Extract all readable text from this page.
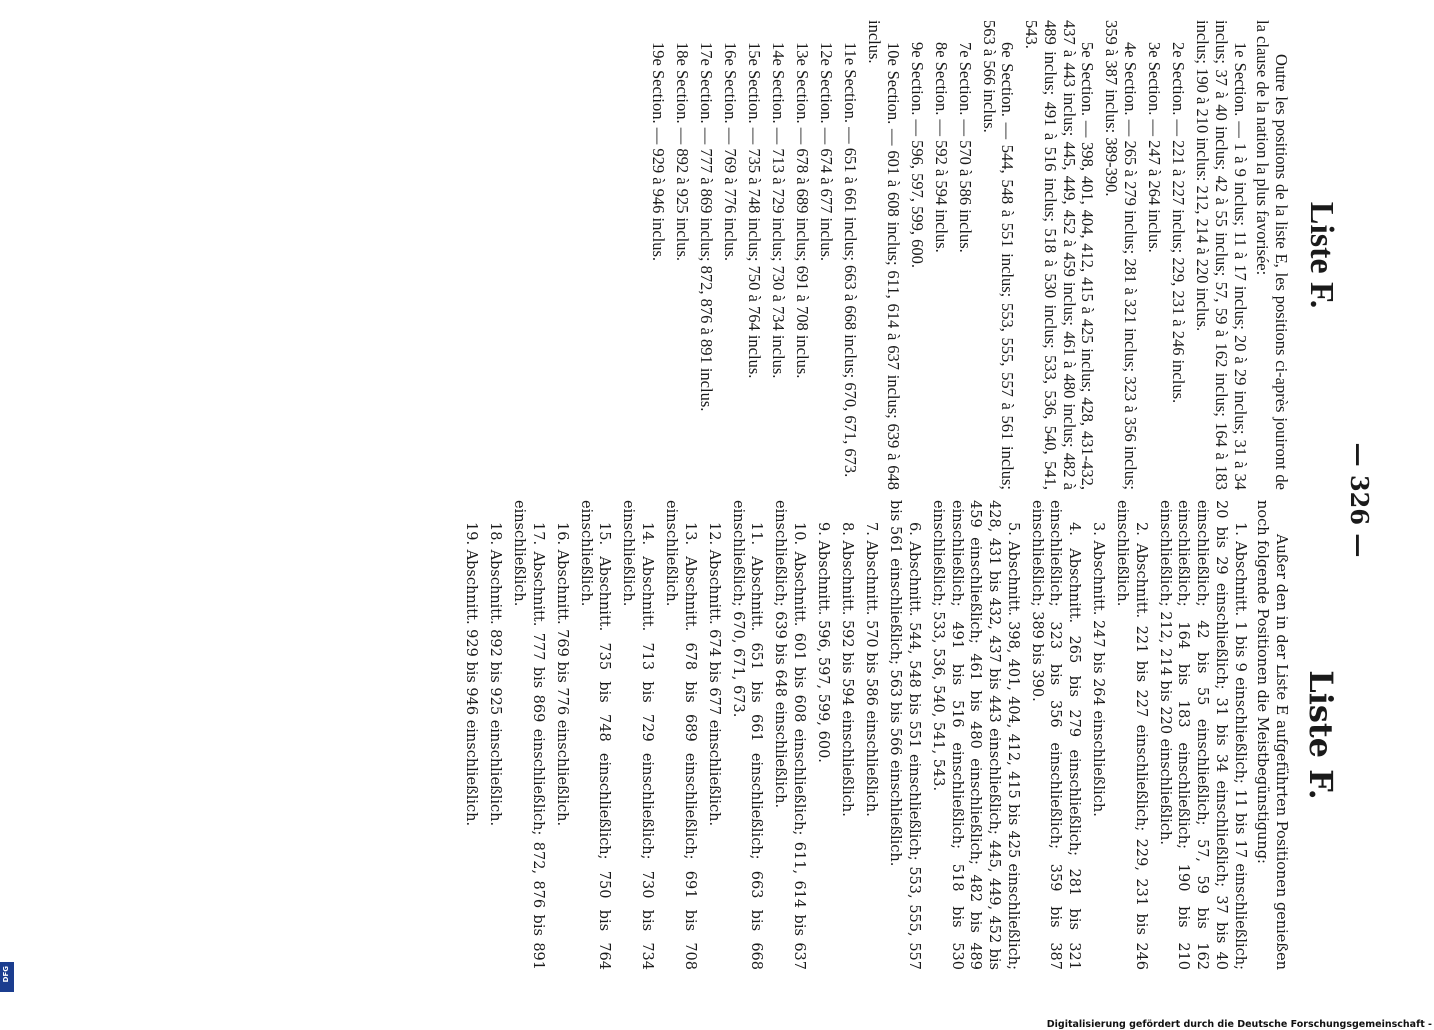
— 326 —
Liste F.

Outre les positions de la liste E, les positions ci-après jouiront de la clause de la nation la plus favorisée:

1e Section. — 1 à 9 inclus; 11 à 17 inclus; 20 à 29 inclus; 31 à 34 inclus; 37 à 40 inclus; 42 à 55 inclus; 57, 59 à 162 inclus; 164 à 183 inclus; 190 à 210 inclus: 212, 214 à 220 inclus.

2e Section. — 221 à 227 inclus; 229, 231 à 246 inclus.

3e Section. — 247 à 264 inclus.

4e Section. — 265 à 279 inclus; 281 à 321 inclus; 323 à 356 inclus; 359 à 387 inclus: 389-390.

5e Section. — 398, 401, 404, 412, 415 à 425 inclus; 428, 431-432, 437 à 443 inclus; 445, 449, 452 à 459 inclus; 461 à 480 inclus; 482 à 489 inclus; 491 à 516 inclus; 518 à 530 inclus; 533, 536, 540, 541, 543.

6e Section. — 544, 548 à 551 inclus; 553, 555, 557 à 561 inclus; 563 à 566 inclus.

7e Section. — 570 à 586 inclus.

8e Section. — 592 à 594 inclus.

9e Section. — 596, 597, 599, 600.

10e Section. — 601 à 608 inclus; 611, 614 à 637 inclus; 639 à 648 inclus.

11e Section. — 651 à 661 inclus; 663 à 668 inclus; 670, 671, 673.

12e Section. — 674 à 677 inclus.

13e Section. — 678 à 689 inclus; 691 à 708 inclus.

14e Section. — 713 à 729 inclus; 730 à 734 inclus.

15e Section. — 735 à 748 inclus; 750 à 764 inclus.

16e Section. — 769 à 776 inclus.

17e Section. — 777 à 869 inclus; 872, 876 à 891 inclus.

18e Section. — 892 à 925 inclus.

19e Section. — 929 à 946 inclus.

Liste F.

Außer den in der Liste E aufgeführten Positionen genießen noch folgende Positionen die Meistbegünstigung:

1. Abschnitt. 1 bis 9 einschließlich; 11 bis 17 einschließlich; 20 bis 29 einschließlich; 31 bis 34 einschließlich; 37 bis 40 einschließlich; 42 bis 55 einschließlich; 57, 59 bis 162 einschließlich; 164 bis 183 einschließlich; 190 bis 210 einschließlich; 212, 214 bis 220 einschließlich.

2. Abschnitt. 221 bis 227 einschließlich; 229, 231 bis 246 einschließlich.

3. Abschnitt. 247 bis 264 einschließlich.

4. Abschnitt. 265 bis 279 einschließlich; 281 bis 321 einschließlich; 323 bis 356 einschließlich; 359 bis 387 einschließlich; 389 bis 390.

5. Abschnitt. 398, 401, 404, 412, 415 bis 425 einschließlich; 428, 431 bis 432, 437 bis 443 einschließlich; 445, 449, 452 bis 459 einschließlich; 461 bis 480 einschließlich; 482 bis 489 einschließlich; 491 bis 516 einschließlich; 518 bis 530 einschließlich; 533, 536, 540, 541, 543.

6. Abschnitt. 544, 548 bis 551 einschließlich; 553, 555, 557 bis 561 einschließlich; 563 bis 566 einschließlich.

7. Abschnitt. 570 bis 586 einschließlich.

8. Abschnitt. 592 bis 594 einschließlich.

9. Abschnitt. 596, 597, 599, 600.

10. Abschnitt. 601 bis 608 einschließlich; 611, 614 bis 637 einschließlich; 639 bis 648 einschließlich.

11. Abschnitt. 651 bis 661 einschließlich; 663 bis 668 einschließlich; 670, 671, 673.

12. Abschnitt. 674 bis 677 einschließlich.

13. Abschnitt. 678 bis 689 einschließlich; 691 bis 708 einschließlich.

14. Abschnitt. 713 bis 729 einschließlich; 730 bis 734 einschließlich.

15. Abschnitt. 735 bis 748 einschließlich; 750 bis 764 einschließlich.

16. Abschnitt. 769 bis 776 einschließlich.

17. Abschnitt. 777 bis 869 einschließlich; 872, 876 bis 891 einschließlich.

18. Abschnitt. 892 bis 925 einschließlich.

19. Abschnitt. 929 bis 946 einschließlich.

Digitalisierung gefördert durch die Deutsche Forschungsgemeinschaft -
DFG
